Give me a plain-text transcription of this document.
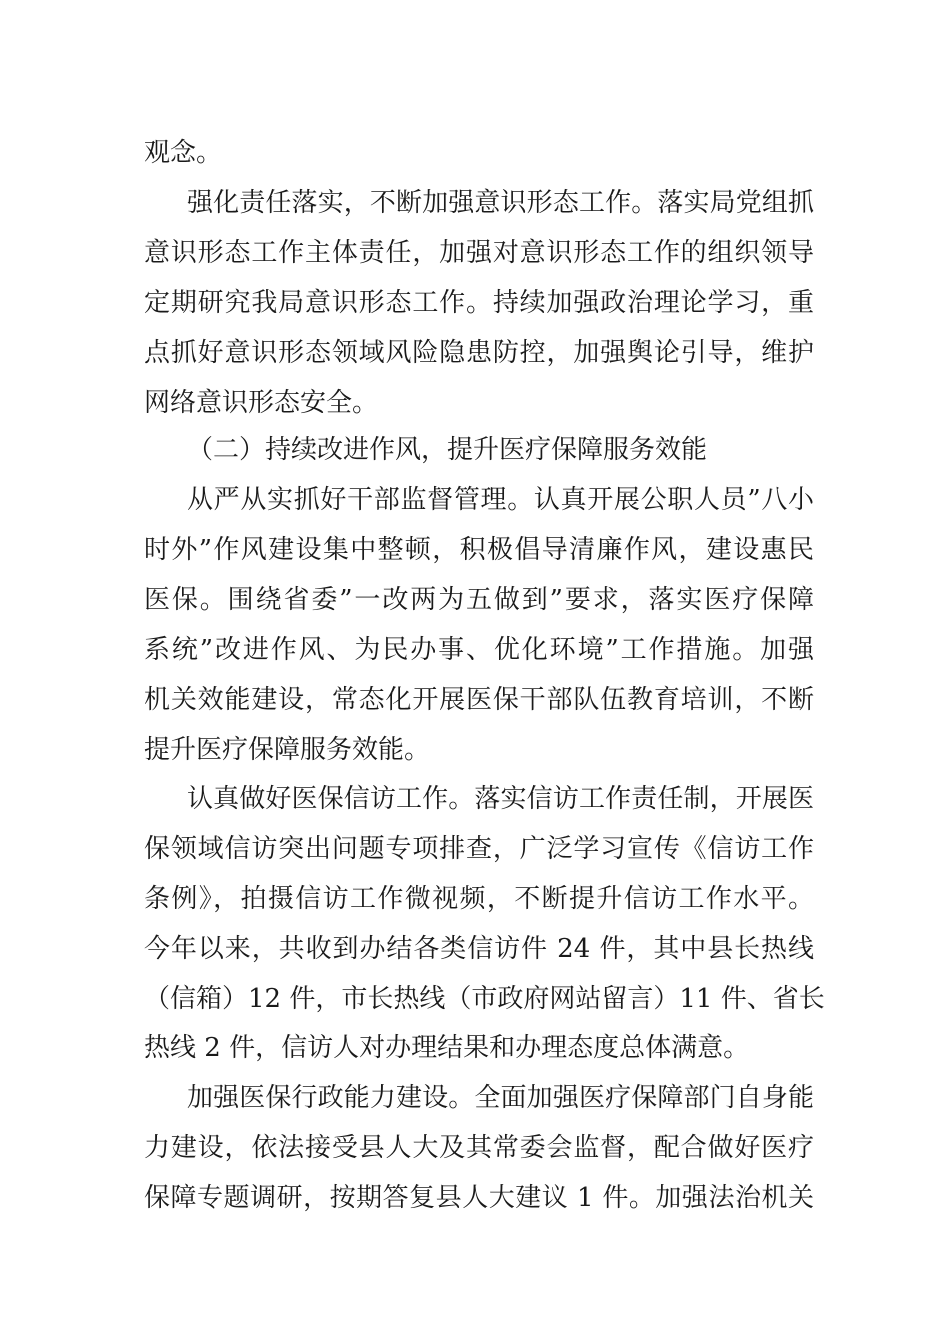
观念。
强化责任落实，不断加强意识形态工作。落实局党组抓
意识形态工作主体责任，加强对意识形态工作的组织领导
定期研究我局意识形态工作。持续加强政治理论学习，重
点抓好意识形态领域风险隐患防控，加强舆论引导，维护
网络意识形态安全。
（二）持续改进作风，提升医疗保障服务效能
从严从实抓好干部监督管理。认真开展公职人员”八小
时外”作风建设集中整顿，积极倡导清廉作风，建设惠民
医保。围绕省委”一改两为五做到”要求，落实医疗保障
系统”改进作风、为民办事、优化环境”工作措施。加强
机关效能建设，常态化开展医保干部队伍教育培训，不断
提升医疗保障服务效能。
认真做好医保信访工作。落实信访工作责任制，开展医
保领域信访突出问题专项排查，广泛学习宣传《信访工作
条例》，拍摄信访工作微视频，不断提升信访工作水平。
今年以来，共收到办结各类信访件 24 件，其中县长热线
（信箱）12 件，市长热线（市政府网站留言）11 件、省长
热线 2 件，信访人对办理结果和办理态度总体满意。
加强医保行政能力建设。全面加强医疗保障部门自身能
力建设，依法接受县人大及其常委会监督，配合做好医疗
保障专题调研，按期答复县人大建议 1 件。加强法治机关
